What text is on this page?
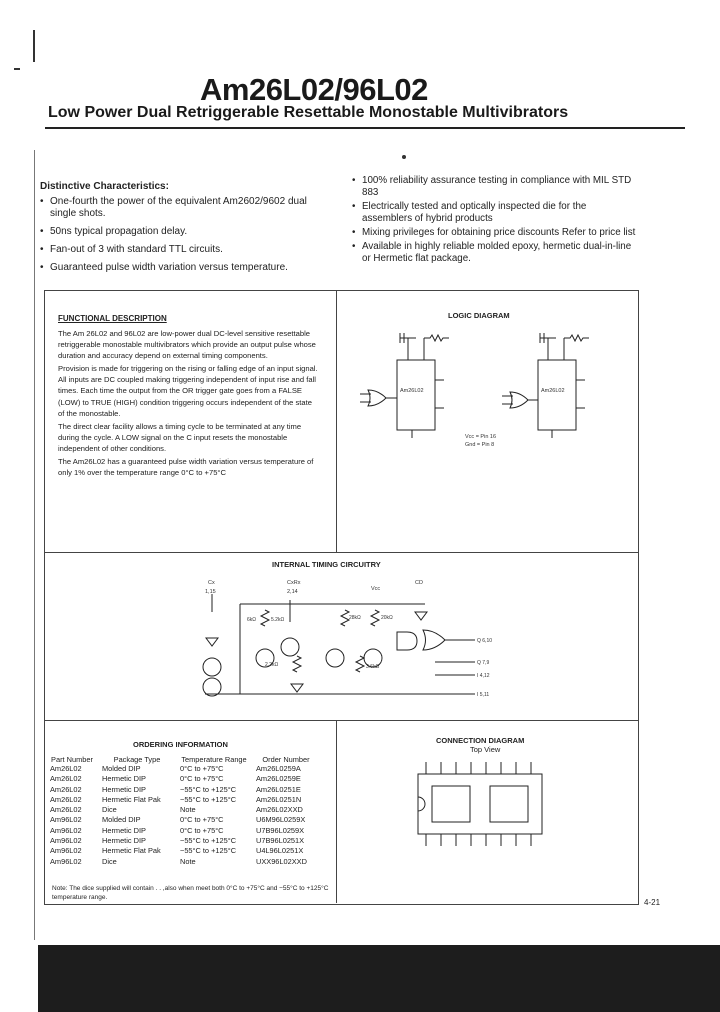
Am26L02/96L02
Low Power Dual Retriggerable Resettable Monostable Multivibrators
Distinctive Characteristics:
• One-fourth the power of the equivalent Am2602/9602 dual single shots.
• 50ns typical propagation delay.
• Fan-out of 3 with standard TTL circuits.
• Guaranteed pulse width variation versus temperature.
• 100% reliability assurance testing in compliance with MIL STD 883
• Electrically tested and optically inspected die for the assemblers of hybrid products
• Mixing privileges for obtaining price discounts Refer to price list
• Available in highly reliable molded epoxy, hermetic dual-in-line or Hermetic flat package.
FUNCTIONAL DESCRIPTION

The Am 26L02 and 96L02 are low-power dual DC-level sensitive resettable retriggerable monostable multivibrators which provide an output pulse whose duration and accuracy depend on external timing components.

Provision is made for triggering on the rising or falling edge of an input signal. All inputs are DC coupled making triggering independent of input rise and fall times. Each time the output from the OR trigger gate goes from a FALSE (LOW) to TRUE (HIGH) condition triggering occurs independent of the state of the monostable.

The direct clear facility allows a timing cycle to be terminated at any time during the cycle. A LOW signal on the C input resets the monostable independent of other conditions.

The Am26L02 has a guaranteed pulse width variation versus temperature of only 1% over the temperature range 0°C to +75°C

LOGIC DIAGRAM
Am26L02	Am26L02
Vcc = Pin 16
Gnd = Pin 8
INTERNAL TIMING CIRCUITRY
Cx
1,15
CxRx
2,14	Vcc
CD
6kΩ	5.2kΩ	28kΩ	20kΩ
2.2kΩ	3.6kΩ
Q 6,10
Q 7,9
I 4,12
I 5,11
ORDERING INFORMATION
Part Number	Package Type	Temperature Range	Order Number
Am26L02	Molded DIP	0°C to +75°C	Am26L0259A
Am26L02	Hermetic DIP	0°C to +75°C	Am26L0259E
Am26L02	Hermetic DIP	−55°C to +125°C	Am26L0251E
Am26L02	Hermetic Flat Pak	−55°C to +125°C	Am26L0251N
Am26L02	Dice	Note	Am26L02XXD
Am96L02	Molded DIP	0°C to +75°C	U6M96L0259X
Am96L02	Hermetic DIP	0°C to +75°C	U7B96L0259X
Am96L02	Hermetic DIP	−55°C to +125°C	U7B96L0251X
Am96L02	Hermetic Flat Pak	−55°C to +125°C	U4L96L0251X
Am96L02	Dice	Note	UXX96L02XXD
Note: The dice supplied will contain . . ,also when meet both 0°C to +75°C and −55°C to +125°C temperature range.
CONNECTION DIAGRAM
Top View
4-21
